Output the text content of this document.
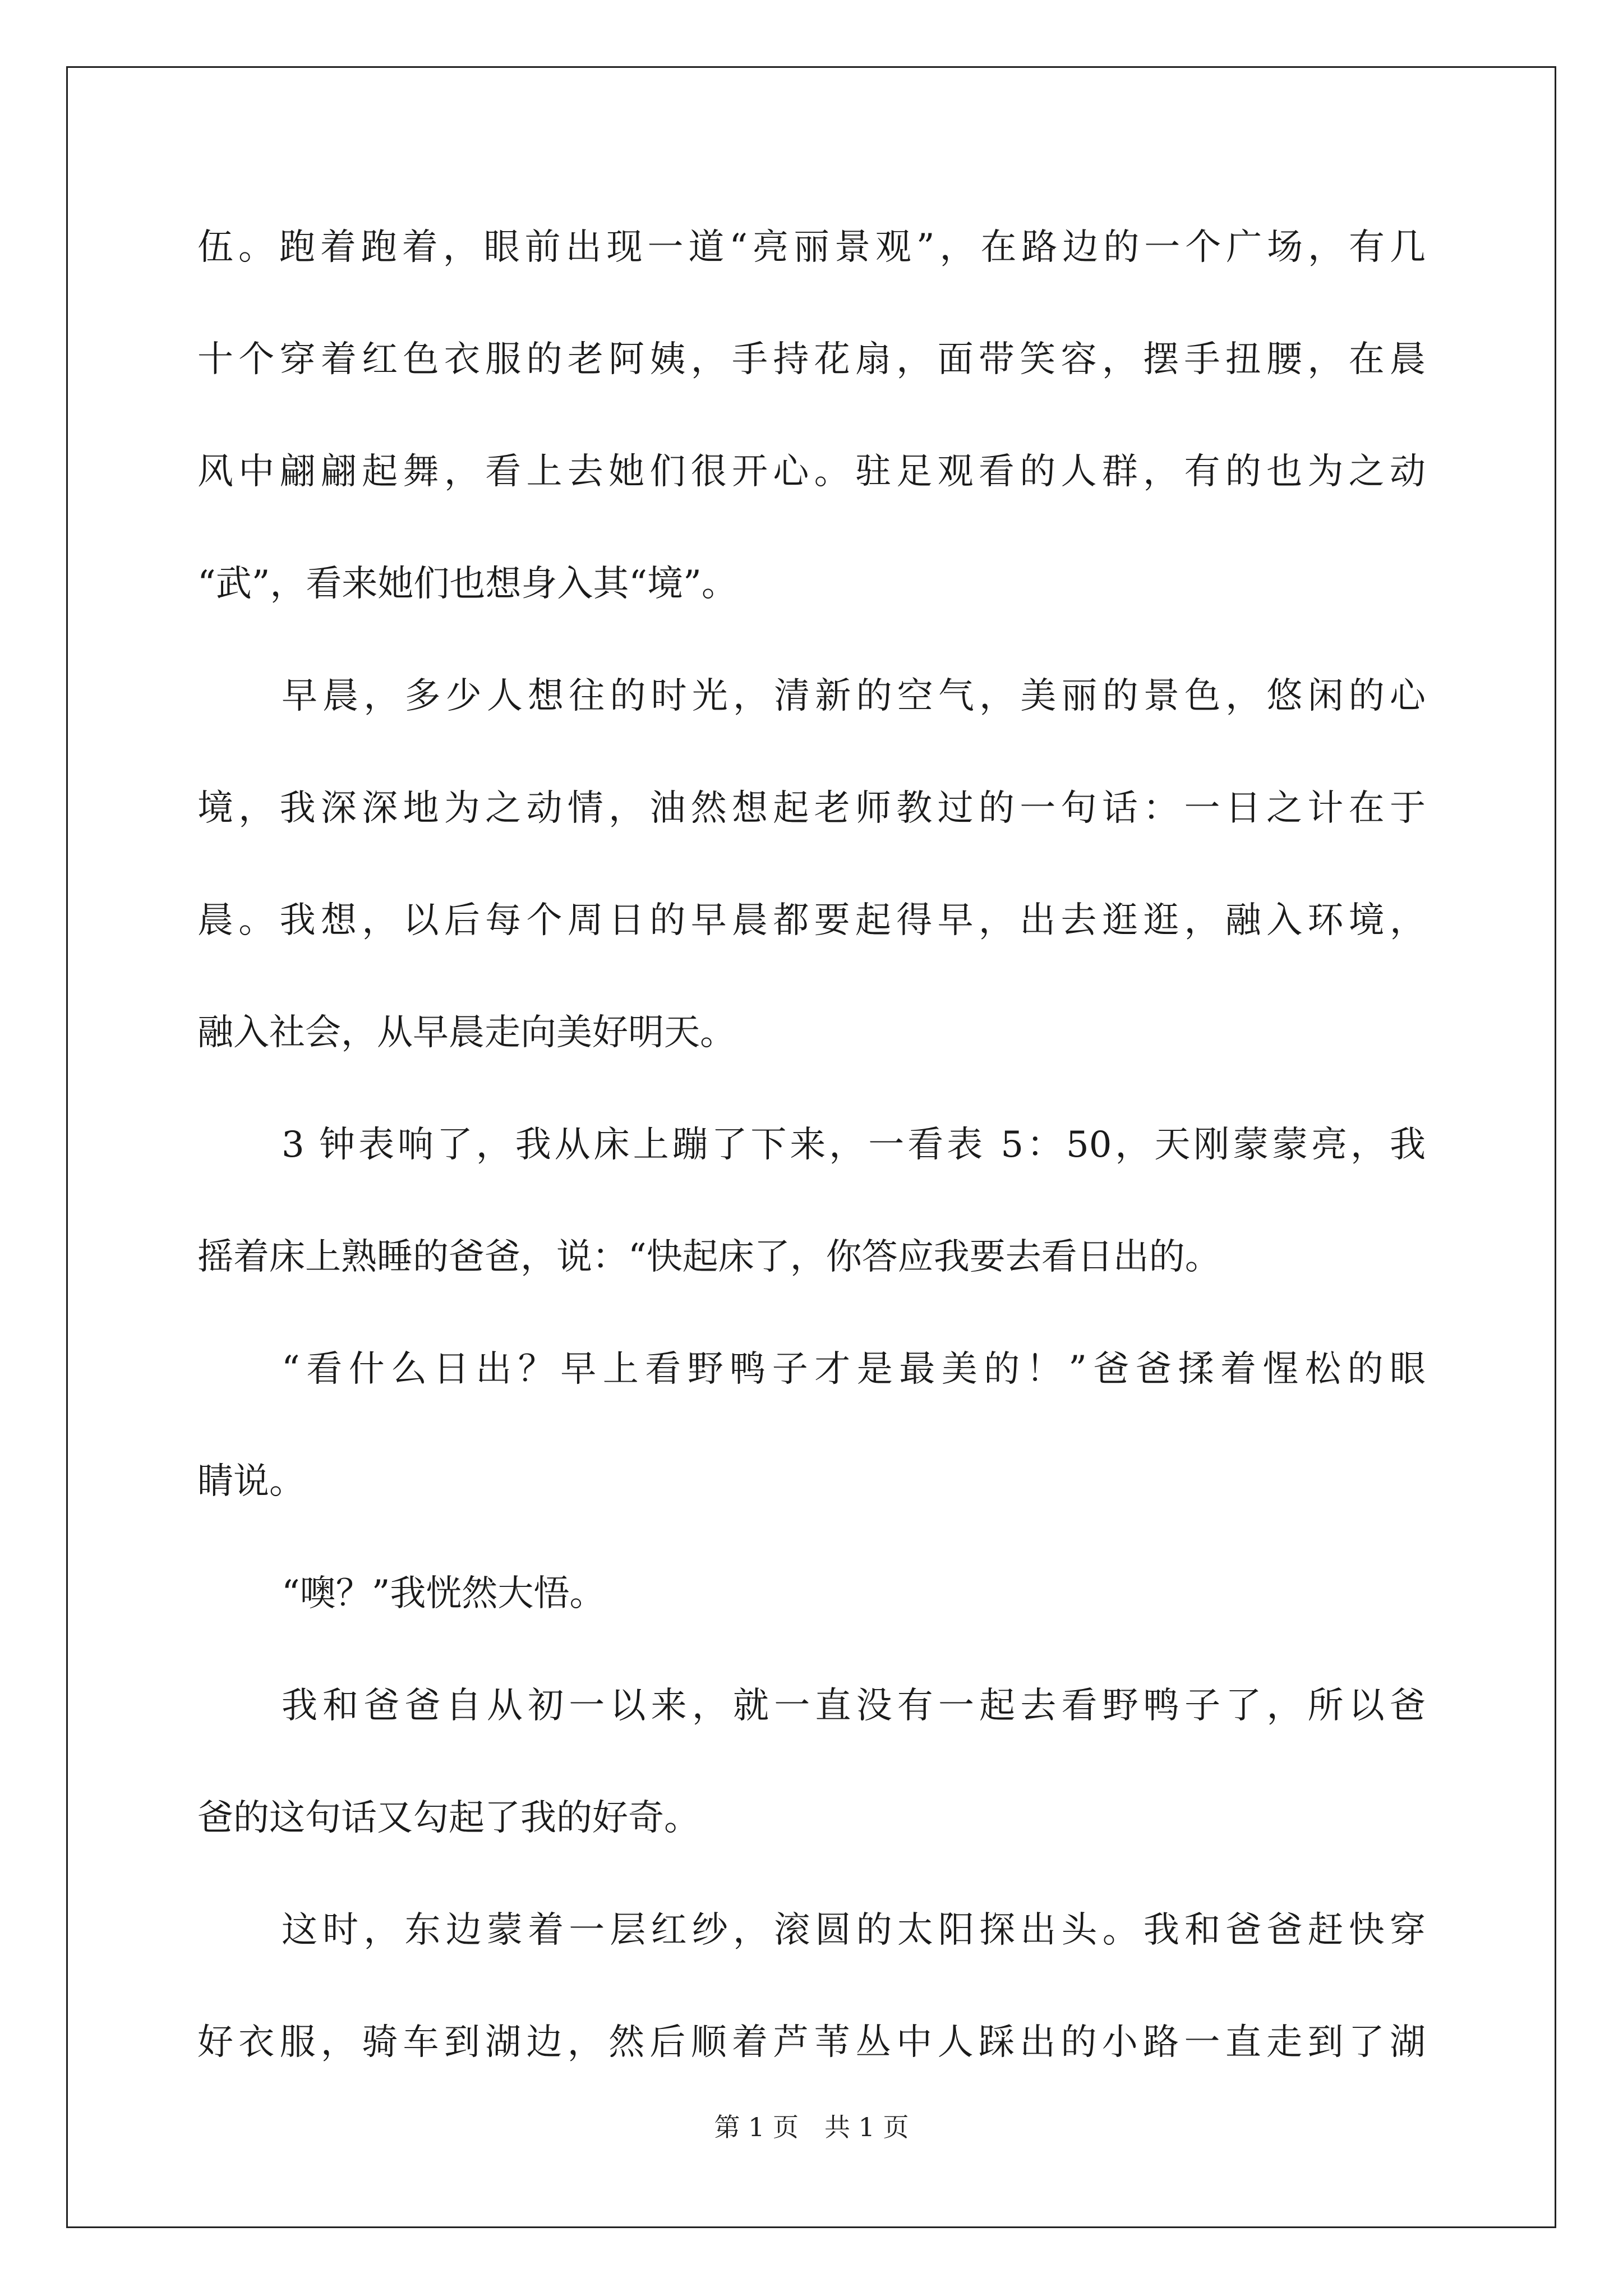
伍。跑着跑着，眼前出现一道“亮丽景观”，在路边的一个广场，有几
十个穿着红色衣服的老阿姨，手持花扇，面带笑容，摆手扭腰，在晨
风中翩翩起舞，看上去她们很开心。驻足观看的人群，有的也为之动
“武”，看来她们也想身入其“境”。
早晨，多少人想往的时光，清新的空气，美丽的景色，悠闲的心
境，我深深地为之动情，油然想起老师教过的一句话：一日之计在于
晨。我想，以后每个周日的早晨都要起得早，出去逛逛，融入环境，
融入社会，从早晨走向美好明天。
3 钟表响了，我从床上蹦了下来，一看表 5：50，天刚蒙蒙亮，我
摇着床上熟睡的爸爸，说：“快起床了，你答应我要去看日出的。
“看什么日出？早上看野鸭子才是最美的！”爸爸揉着惺松的眼
睛说。
“噢？”我恍然大悟。
我和爸爸自从初一以来，就一直没有一起去看野鸭子了，所以爸
爸的这句话又勾起了我的好奇。
这时，东边蒙着一层红纱，滚圆的太阳探出头。我和爸爸赶快穿
好衣服，骑车到湖边，然后顺着芦苇丛中人踩出的小路一直走到了湖
第 1 页　共 1 页
